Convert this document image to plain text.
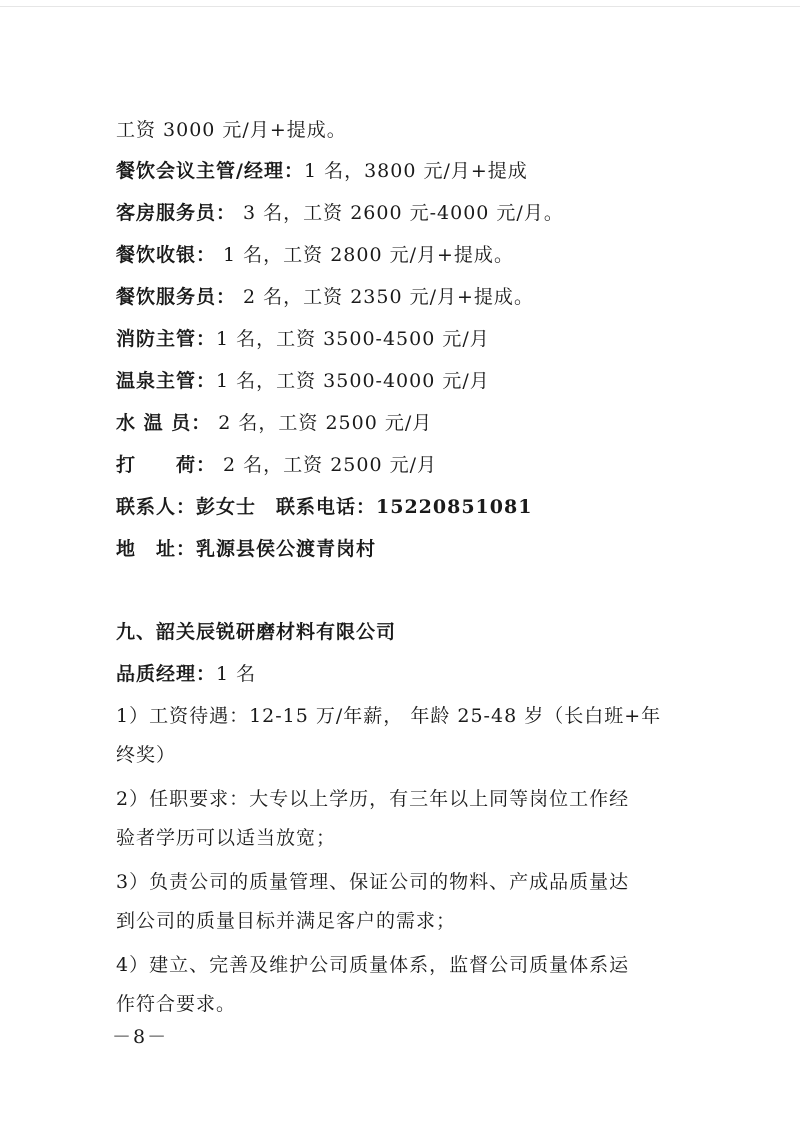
工资 3000 元/月+提成。
餐饮会议主管/经理：1 名，3800 元/月+提成
客房服务员： 3 名，工资 2600 元-4000 元/月。
餐饮收银： 1 名，工资 2800 元/月+提成。
餐饮服务员： 2 名，工资 2350 元/月+提成。
消防主管：1 名，工资 3500-4500 元/月
温泉主管：1 名，工资 3500-4000 元/月
水 温 员： 2 名，工资 2500 元/月
打　　荷： 2 名，工资 2500 元/月
联系人：彭女士　联系电话：15220851081
地　址：乳源县侯公渡青岗村
九、韶关辰锐研磨材料有限公司
品质经理：1 名
1）工资待遇：12-15 万/年薪， 年龄 25-48 岁（长白班+年
终奖）
2）任职要求：大专以上学历，有三年以上同等岗位工作经
验者学历可以适当放宽；
3）负责公司的质量管理、保证公司的物料、产成品质量达
到公司的质量目标并满足客户的需求；
4）建立、完善及维护公司质量体系，监督公司质量体系运
作符合要求。
－8－
